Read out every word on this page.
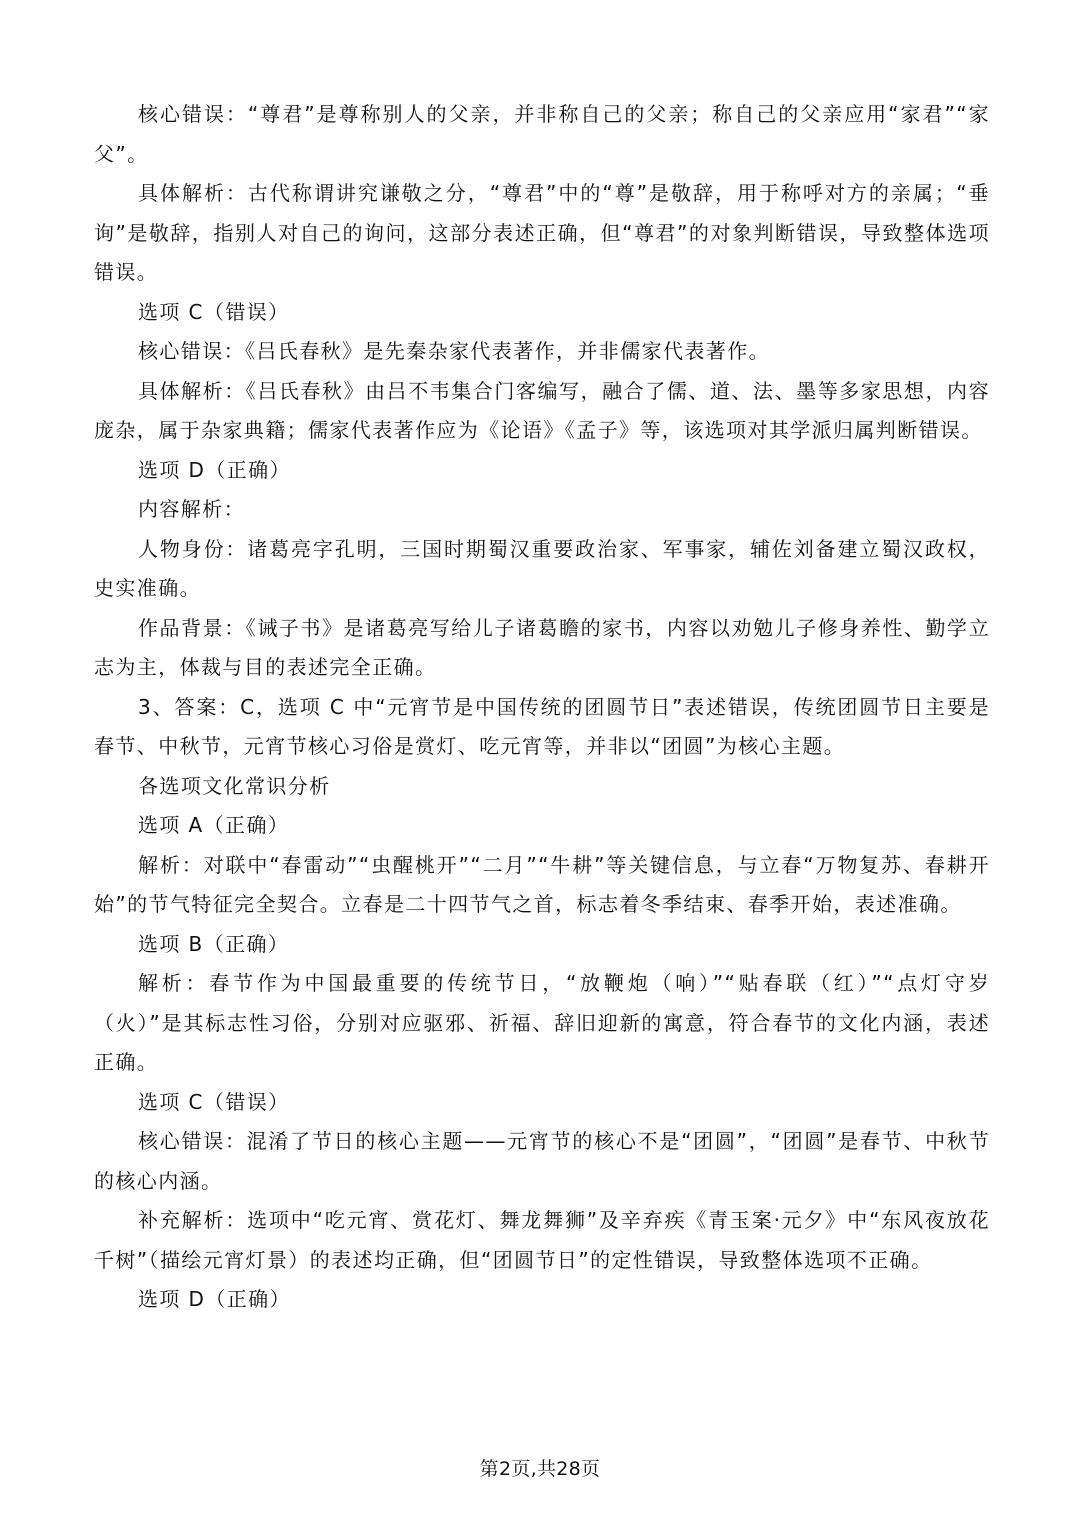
核心错误：“尊君”是尊称别人的父亲，并非称自己的父亲；称自己的父亲应用“家君”“家父”。

具体解析：古代称谓讲究谦敬之分，“尊君”中的“尊”是敬辞，用于称呼对方的亲属；“垂询”是敬辞，指别人对自己的询问，这部分表述正确，但“尊君”的对象判断错误，导致整体选项错误。

选项 C（错误）

核心错误：《吕氏春秋》是先秦杂家代表著作，并非儒家代表著作。

具体解析：《吕氏春秋》由吕不韦集合门客编写，融合了儒、道、法、墨等多家思想，内容庞杂，属于杂家典籍；儒家代表著作应为《论语》《孟子》等，该选项对其学派归属判断错误。

选项 D（正确）

内容解析：

人物身份：诸葛亮字孔明，三国时期蜀汉重要政治家、军事家，辅佐刘备建立蜀汉政权，史实准确。

作品背景：《诫子书》是诸葛亮写给儿子诸葛瞻的家书，内容以劝勉儿子修身养性、勤学立志为主，体裁与目的表述完全正确。

3、答案：C，选项 C 中“元宵节是中国传统的团圆节日”表述错误，传统团圆节日主要是春节、中秋节，元宵节核心习俗是赏灯、吃元宵等，并非以“团圆”为核心主题。

各选项文化常识分析

选项 A（正确）

解析：对联中“春雷动”“虫醒桃开”“二月”“牛耕”等关键信息，与立春“万物复苏、春耕开始”的节气特征完全契合。立春是二十四节气之首，标志着冬季结束、春季开始，表述准确。

选项 B（正确）

解析：春节作为中国最重要的传统节日，“放鞭炮（响）”“贴春联（红）”“点灯守岁（火）”是其标志性习俗，分别对应驱邪、祈福、辞旧迎新的寓意，符合春节的文化内涵，表述正确。

选项 C（错误）

核心错误：混淆了节日的核心主题——元宵节的核心不是“团圆”，“团圆”是春节、中秋节的核心内涵。

补充解析：选项中“吃元宵、赏花灯、舞龙舞狮”及辛弃疾《青玉案·元夕》中“东风夜放花千树”（描绘元宵灯景）的表述均正确，但“团圆节日”的定性错误，导致整体选项不正确。

选项 D（正确）

第2页,共28页
